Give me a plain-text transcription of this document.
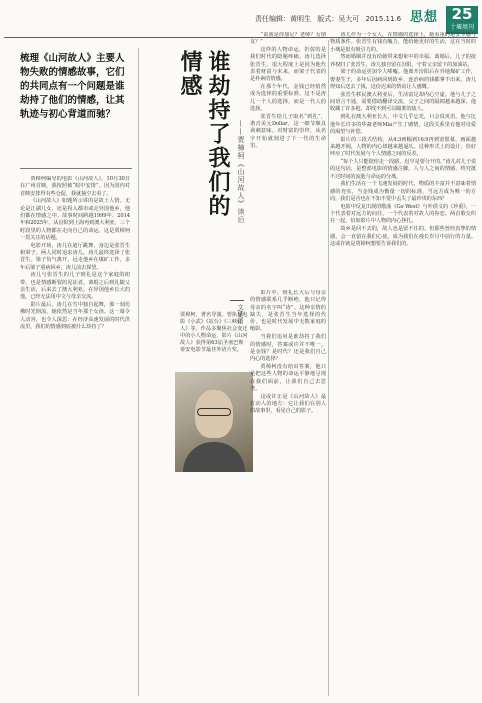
责任编辑：黄明生 版式：吴大可 2015.11.6 思想 25
十堰周刊
梳理《山河故人》主要人物失败的情感故事，它们的共同点有一个问题是谁劫持了他们的情感，让其轨迹与初心背道而驰？

贾樟柯编导的电影《山河故人》，10月30日在广州首映，我按照被“暗中安排”。因为国内对首映安排得有些仓促，我就抽空去看了。

《山河故人》如题所示讲的是故土人情。无论是江湖儿女，还是拐入都市或走异国他乡，他们都在情感之中。故事时间跨越1999年、2014年和2025年，从汾阳到上海再到澳大利亚，三个时段里的人物都在走向自己的命运，这是贾樟柯一贯关注的话题。

电影开场，涛儿在迪厅跳舞，身边是张晋生和梁子。两人同时追求涛儿，涛儿最终选择了张晋生。梁子负气离开，远走他乡在煤矿工作。多年后梁子重病回乡，涛儿前去探望。

涛儿与张晋生的儿子到礼是这个家庭的纽带，也是情感断裂的见证者。离婚之后到礼随父亲生活，后来去了澳大利亚，在异国他乡长大的他，已经无法用中文与母亲交流。

影片最后，涛儿在雪中独自起舞，那一刻仿佛时光倒流，她依然是当年那个女孩。这一幕令人动容，也令人深思：在经济高速发展的时代洪流里，我们的情感到底被什么劫持了？

谁劫持了我们的情感
——贾樟柯《山河故人》读后
文/姚雨
贾樟柯，著名导演。曾执导电影《小武》《站台》《三峡好人》等，作品多聚焦社会变迁中的小人物命运，影片《山河故人》获得第63届圣塞巴斯蒂安电影节最佳外语片奖。

“说我是你加足？老师？女朋友？”

这样的人物命运，折射的是我们时代的隐秘疼痛。涛儿选择张晋生，很大程度上是因为他代表着财富与未来，而梁子代表的是朴素的情感。

在那个年代，金钱已经悄然成为选择的重要标准，这不是涛儿一个人的选择，而是一代人的选择。

张晋生给儿子取名“到礼”，谐音美元Dollar，这一细节颇具讽刺意味。对财富的崇拜，从名字开始就刻进了下一代的生命里。

影片中，到礼长大后与母亲的情感联系几乎断绝，他只记得母亲的名字叫“涛”。这种亲情的缺失，是张晋生当年选择的代价，也是时代发展中无数家庭的缩影。

当我们追问是谁劫持了我们的情感时，答案或许并不唯一。是金钱？是时代？还是我们自己内心的选择？

贾樟柯没有给出答案，他只是把这些人物的命运平静地呈现在我们面前，让我们自己去思考。

这或许正是《山河故人》最打动人的地方：它让我们在别人的故事里，看见自己的影子。

涛儿作为一个女人，在情感的选择上，她看重的是安全感与物质条件。张晋生有钱有魄力，能给她更好的生活，这在当时的小城是很有吸引力的。

然而婚姻并没有给她带来想象中的幸福。离婚后，儿子的抚养权归了张晋生，涛儿独自留在汾阳，守着父亲留下的加油站。

梁子的命运更加令人唏嘘。他离开汾阳后在外地煤矿工作，娶妻生子，多年后因病回到故乡，连治病的钱都拿不出来。涛儿得知后送去了钱，这份迟来的情谊让人感慨。

张晋生移民澳大利亚后，生活富足却内心空虚。他与儿子之间语言不通，需要借助翻译交流，父子之间的隔阂越来越深。他收藏了许多枪，却找不到可以瞄准的敌人。

到礼在澳大利亚长大，中文几乎忘光，只会说英语。他与比他年长许多的华裔老师Mia产生了感情，这段关系里有他对母爱的渴望与补偿。

影片的三段式结构，从4:3画幅到16:9再到宽银幕，画面越来越开阔，人物的内心却越来越逼仄。这种形式上的设计，恰好呼应了时代发展与个人情感之间的反差。

“每个人只能陪你走一段路，迟早是要分开的。”涛儿对儿子说的这句话，是整部电影的情感注脚。人与人之间的情感，终究抵不过时间的流逝与命运的分离。

我们生活在一个飞速发展的时代，物质的丰富并不意味着情感的充实。当金钱成为衡量一切的标准，当远方成为唯一的方向，我们是否也在不知不觉中丢失了最珍贵的东西？

电影中反复出现的歌曲《Go West》与叶倩文的《珍重》，一个代表着对远方的向往，一个代表着对故人的眷恋。两首歌交织在一起，恰如影片中人物的内心挣扎。

故乡是回不去的，故人也是留不住的。但那些曾经真挚的情感，会一直留在我们心底，成为我们在漫长岁月中前行的力量。这或许就是贾樟柯想要告诉我们的。
